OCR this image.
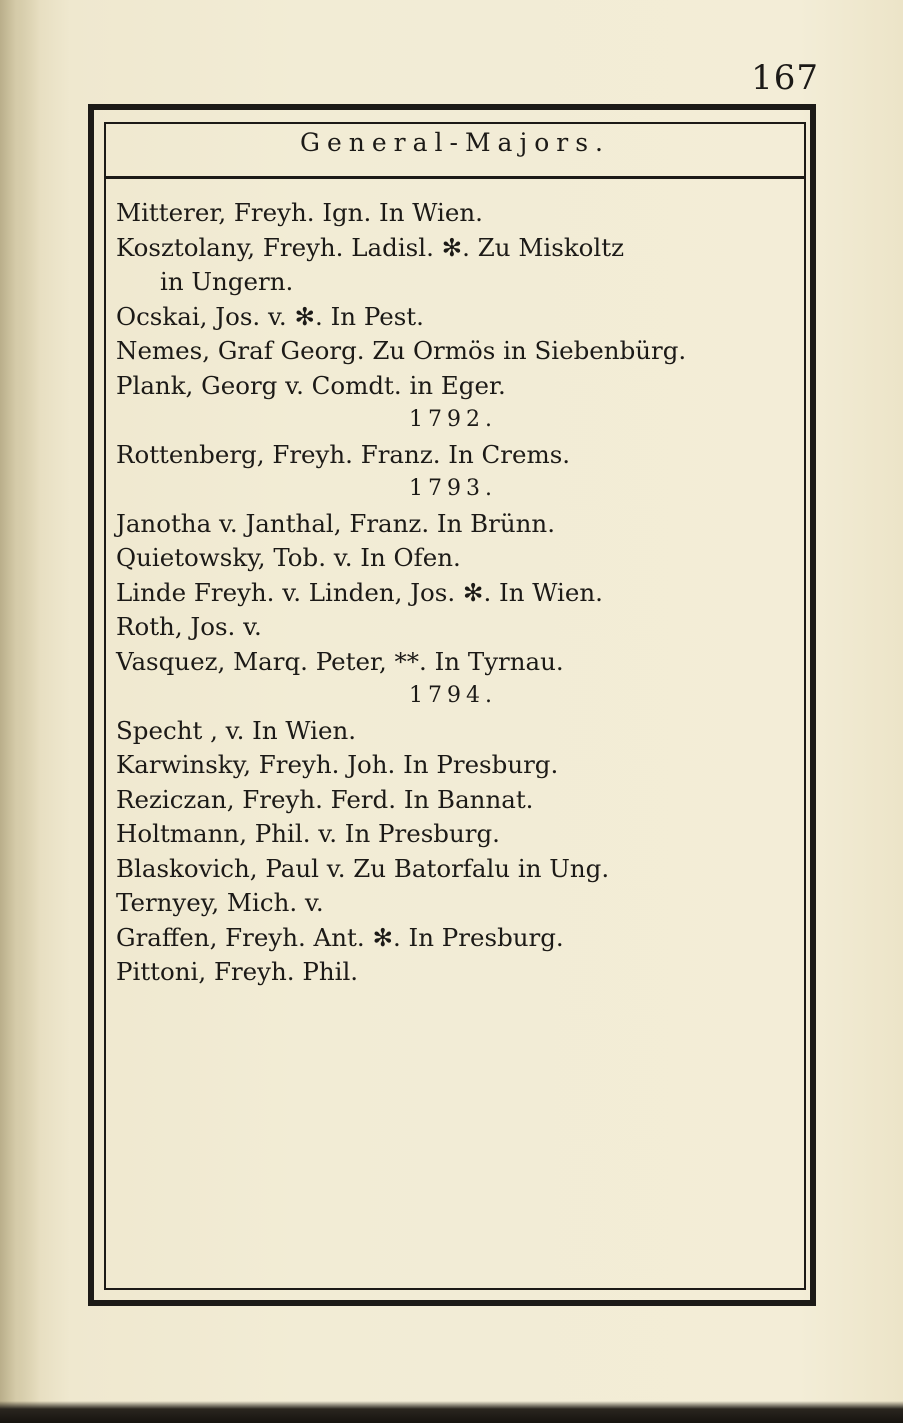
167
General-Majors.
Mitterer, Freyh. Ign. In Wien.
Kosztolany, Freyh. Ladisl. ✻. Zu Miskoltz
in Ungern.
Ocskai, Jos. v. ✻. In Pest.
Nemes, Graf Georg. Zu Ormös in Siebenbürg.
Plank, Georg v. Comdt. in Eger.
1792.
Rottenberg, Freyh. Franz. In Crems.
1793.
Janotha v. Janthal, Franz. In Brünn.
Quietowsky, Tob. v. In Ofen.
Linde Freyh. v. Linden, Jos. ✻. In Wien.
Roth, Jos. v.
Vasquez, Marq. Peter, **. In Tyrnau.
1794.
Specht , v. In Wien.
Karwinsky, Freyh. Joh. In Presburg.
Reziczan, Freyh. Ferd. In Bannat.
Holtmann, Phil. v. In Presburg.
Blaskovich, Paul v. Zu Batorfalu in Ung.
Ternyey, Mich. v.
Graffen, Freyh. Ant. ✻. In Presburg.
Pittoni, Freyh. Phil.
